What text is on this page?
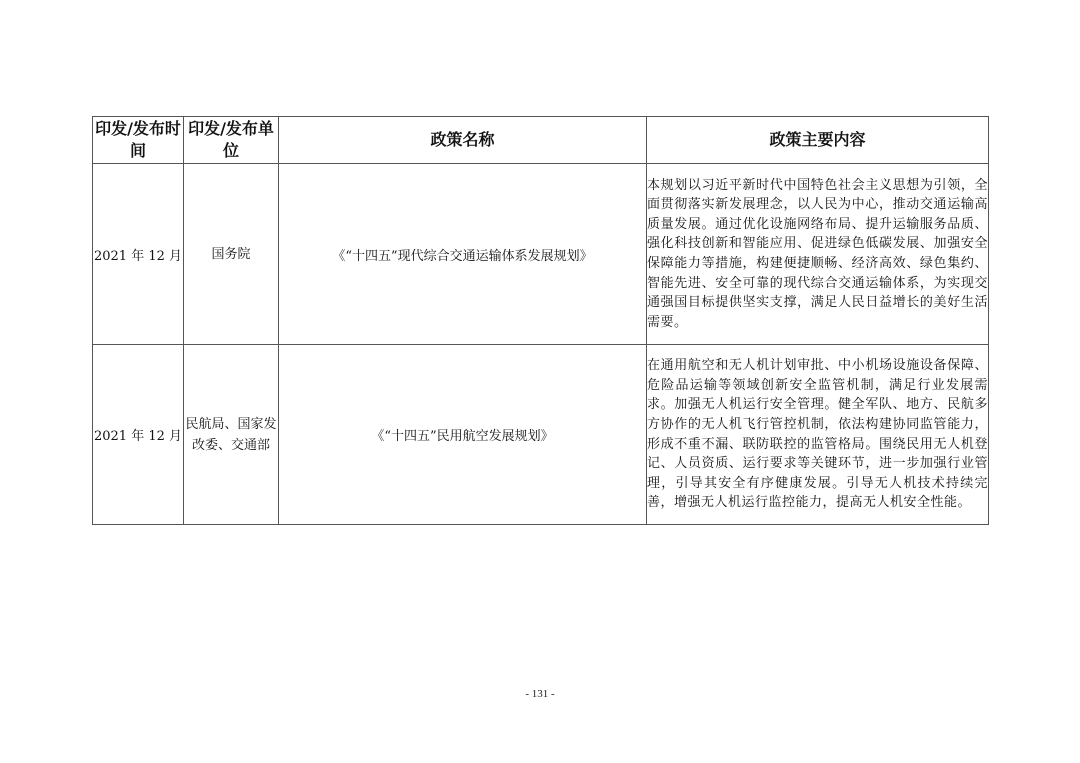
印发/发布时间	印发/发布单位	政策名称	政策主要内容
2021 年 12 月	国务院	《“十四五”现代综合交通运输体系发展规划》	本规划以习近平新时代中国特色社会主义思想为引领，全面贯彻落实新发展理念，以人民为中心，推动交通运输高质量发展。通过优化设施网络布局、提升运输服务品质、强化科技创新和智能应用、促进绿色低碳发展、加强安全保障能力等措施，构建便捷顺畅、经济高效、绿色集约、智能先进、安全可靠的现代综合交通运输体系，为实现交通强国目标提供坚实支撑，满足人民日益增长的美好生活需要。
2021 年 12 月	民航局、国家发改委、交通部	《“十四五”民用航空发展规划》	在通用航空和无人机计划审批、中小机场设施设备保障、危险品运输等领域创新安全监管机制，满足行业发展需求。加强无人机运行安全管理。健全军队、地方、民航多方协作的无人机飞行管控机制，依法构建协同监管能力，形成不重不漏、联防联控的监管格局。围绕民用无人机登记、人员资质、运行要求等关键环节，进一步加强行业管理，引导其安全有序健康发展。引导无人机技术持续完善，增强无人机运行监控能力，提高无人机安全性能。
- 131 -
